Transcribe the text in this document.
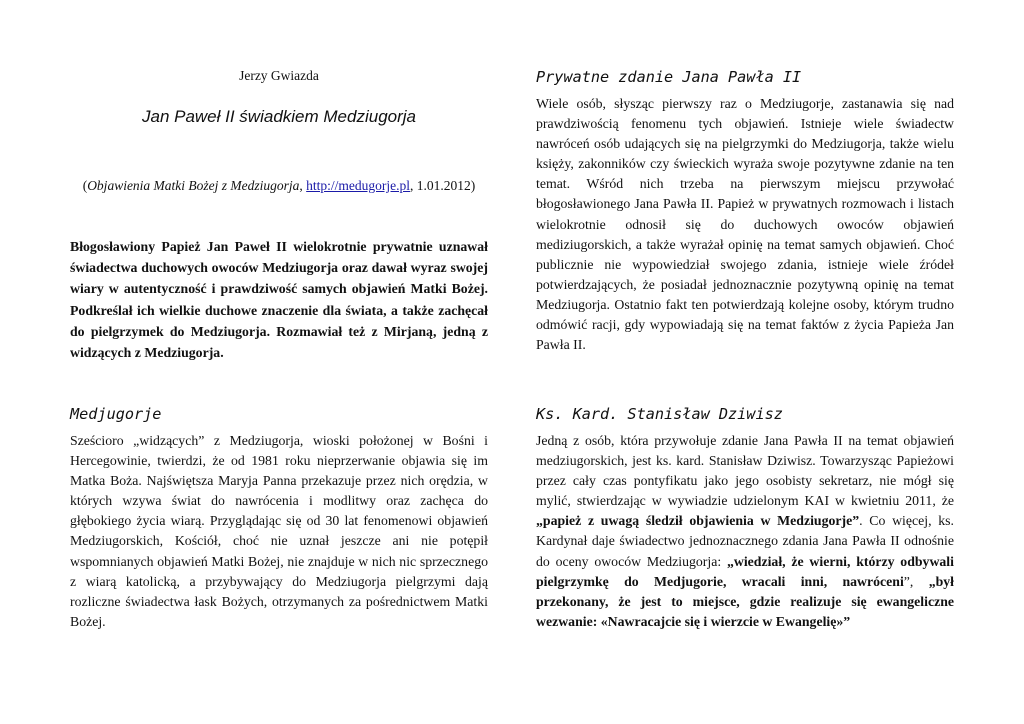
Jerzy Gwiazda
Jan Paweł II świadkiem Medziugorja
(Objawienia Matki Bożej z Medziugorja, http://medugorje.pl, 1.01.2012)
Błogosławiony Papież Jan Paweł II wielokrotnie prywatnie uznawał świadectwa duchowych owoców Medziugorja oraz dawał wyraz swojej wiary w autentyczność i prawdziwość samych objawień Matki Bożej. Podkreślał ich wielkie duchowe znaczenie dla świata, a także zachęcał do pielgrzymek do Medziugorja. Rozmawiał też z Mirjaną, jedną z widzących z Medziugorja.
Medjugorje

Sześcioro „widzących” z Medziugorja, wioski położonej w Bośni i Hercegowinie, twierdzi, że od 1981 roku nieprzerwanie objawia się im Matka Boża. Najświętsza Maryja Panna przekazuje przez nich orędzia, w których wzywa świat do nawrócenia i modlitwy oraz zachęca do głębokiego życia wiarą. Przyglądając się od 30 lat fenomenowi objawień Medziugorskich, Kościół, choć nie uznał jeszcze ani nie potępił wspomnianych objawień Matki Bożej, nie znajduje w nich nic sprzecznego z wiarą katolicką, a przybywający do Medziugorja pielgrzymi dają rozliczne świadectwa łask Bożych, otrzymanych za pośrednictwem Matki Bożej.

Prywatne zdanie Jana Pawła II

Wiele osób, słysząc pierwszy raz o Medziugorje, zastanawia się nad prawdziwością fenomenu tych objawień. Istnieje wiele świadectw nawróceń osób udających się na pielgrzymki do Medziugorja, także wielu księży, zakonników czy świeckich wyraża swoje pozytywne zdanie na ten temat. Wśród nich trzeba na pierwszym miejscu przywołać błogosławionego Jana Pawła II. Papież w prywatnych rozmowach i listach wielokrotnie odnosił się do duchowych owoców objawień mediziugorskich, a także wyrażał opinię na temat samych objawień. Choć publicznie nie wypowiedział swojego zdania, istnieje wiele źródeł potwierdzających, że posiadał jednoznacznie pozytywną opinię na temat Medziugorja. Ostatnio fakt ten potwierdzają kolejne osoby, którym trudno odmówić racji, gdy wypowiadają się na temat faktów z życia Papieża Jan Pawła II.

Ks. Kard. Stanisław Dziwisz

Jedną z osób, która przywołuje zdanie Jana Pawła II na temat objawień medziugorskich, jest ks. kard. Stanisław Dziwisz. Towarzysząc Papieżowi przez cały czas pontyfikatu jako jego osobisty sekretarz, nie mógł się mylić, stwierdzając w wywiadzie udzielonym KAI w kwietniu 2011, że „papież z uwagą śledził objawienia w Medziugorje”. Co więcej, ks. Kardynał daje świadectwo jednoznacznego zdania Jana Pawła II odnośnie do oceny owoców Medziugorja: „wiedział, że wierni, którzy odbywali pielgrzymkę do Medjugorie, wracali inni, nawróceni”, „był przekonany, że jest to miejsce, gdzie realizuje się ewangeliczne wezwanie: «Nawracajcie się i wierzcie w Ewangelię»”
